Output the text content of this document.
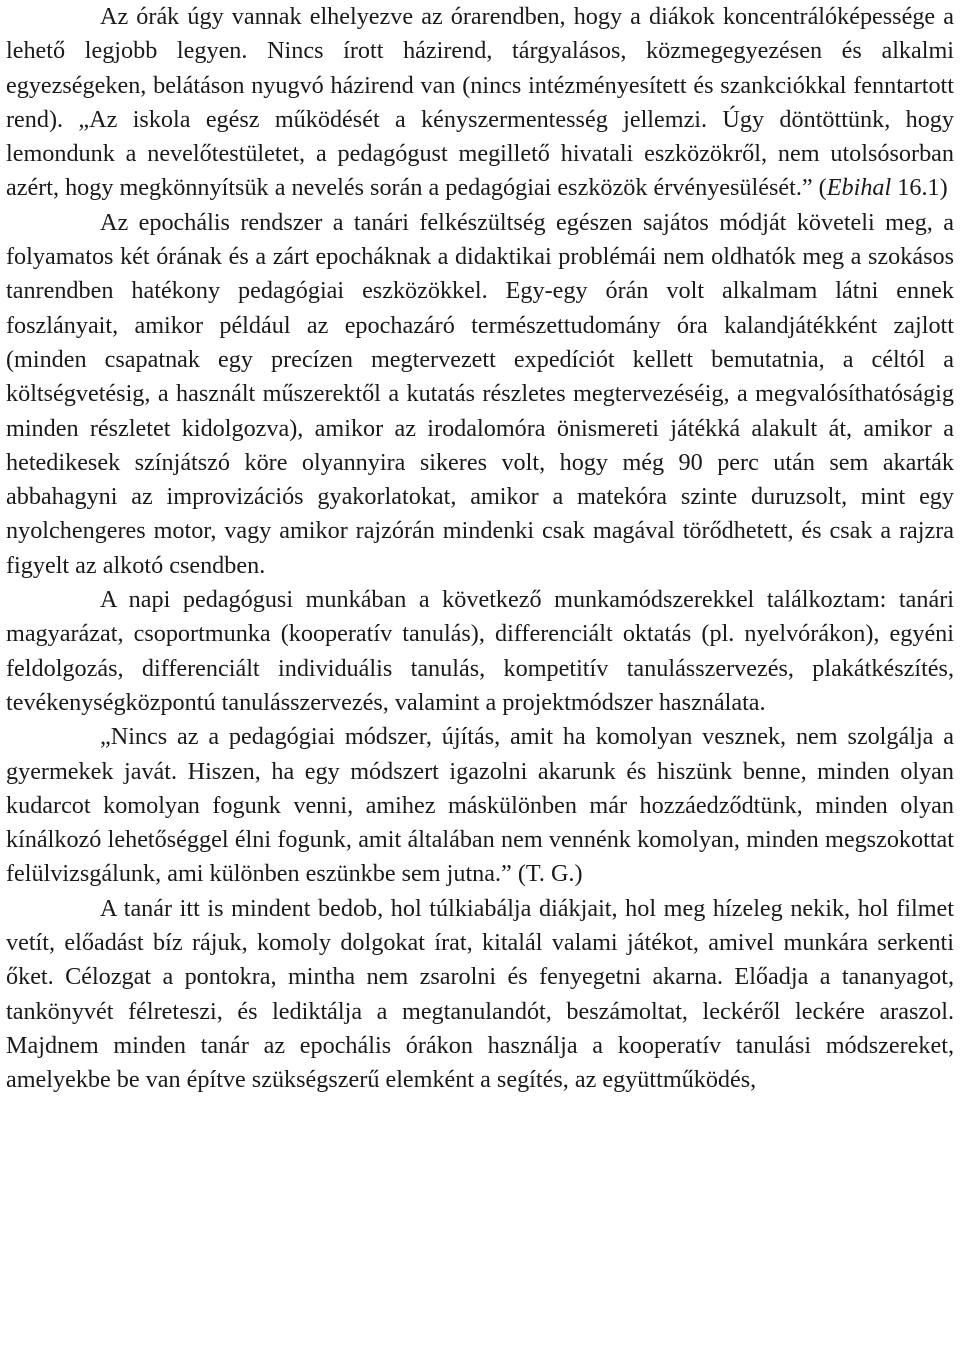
Az órák úgy vannak elhelyezve az órarendben, hogy a diákok koncentrálóképessége a lehető legjobb legyen. Nincs írott házirend, tárgyalásos, közmegegyezésen és alkalmi egyezségeken, belátáson nyugvó házirend van (nincs intézményesített és szankciókkal fenntartott rend). „Az iskola egész működését a kényszermentesség jellemzi. Úgy döntöttünk, hogy lemondunk a nevelőtestületet, a pedagógust megillető hivatali eszközökről, nem utolsósorban azért, hogy megkönnyítsük a nevelés során a pedagógiai eszközök érvényesülését.” (Ebihal 16.1)

Az epochális rendszer a tanári felkészültség egészen sajátos módját követeli meg, a folyamatos két órának és a zárt epocháknak a didaktikai problémái nem oldhatók meg a szokásos tanrendben hatékony pedagógiai eszközökkel. Egy-egy órán volt alkalmam látni ennek foszlányait, amikor például az epochazáró természettudomány óra kalandjátékként zajlott (minden csapatnak egy precízen megtervezett expedíciót kellett bemutatnia, a céltól a költségvetésig, a használt műszerektől a kutatás részletes megtervezéséig, a megvalósíthatóságig minden részletet kidolgozva), amikor az irodalomóra önismereti játékká alakult át, amikor a hetedikesek színjátszó köre olyannyira sikeres volt, hogy még 90 perc után sem akarták abbahagyni az improvizációs gyakorlatokat, amikor a matekóra szinte duruzsolt, mint egy nyolchengeres motor, vagy amikor rajzórán mindenki csak magával törődhetett, és csak a rajzra figyelt az alkotó csendben.

A napi pedagógusi munkában a következő munkamódszerekkel találkoztam: tanári magyarázat, csoportmunka (kooperatív tanulás), differenciált oktatás (pl. nyelvórákon), egyéni feldolgozás, differenciált individuális tanulás, kompetitív tanulásszervezés, plakátkészítés, tevékenységközpontú tanulásszervezés, valamint a projektmódszer használata.

„Nincs az a pedagógiai módszer, újítás, amit ha komolyan vesznek, nem szolgálja a gyermekek javát. Hiszen, ha egy módszert igazolni akarunk és hiszünk benne, minden olyan kudarcot komolyan fogunk venni, amihez máskülönben már hozzáedződtünk, minden olyan kínálkozó lehetőséggel élni fogunk, amit általában nem vennénk komolyan, minden megszokottat felülvizsgálunk, ami különben eszünkbe sem jutna.” (T. G.)

A tanár itt is mindent bedob, hol túlkiabálja diákjait, hol meg hízeleg nekik, hol filmet vetít, előadást bíz rájuk, komoly dolgokat írat, kitalál valami játékot, amivel munkára serkenti őket. Célozgat a pontokra, mintha nem zsarolni és fenyegetni akarna. Előadja a tananyagot, tankönyvét félreteszi, és lediktálja a megtanulandót, beszámoltat, leckéről leckére araszol. Majdnem minden tanár az epochális órákon használja a kooperatív tanulási módszereket, amelyekbe be van építve szükségszerű elemként a segítés, az együttműködés,
